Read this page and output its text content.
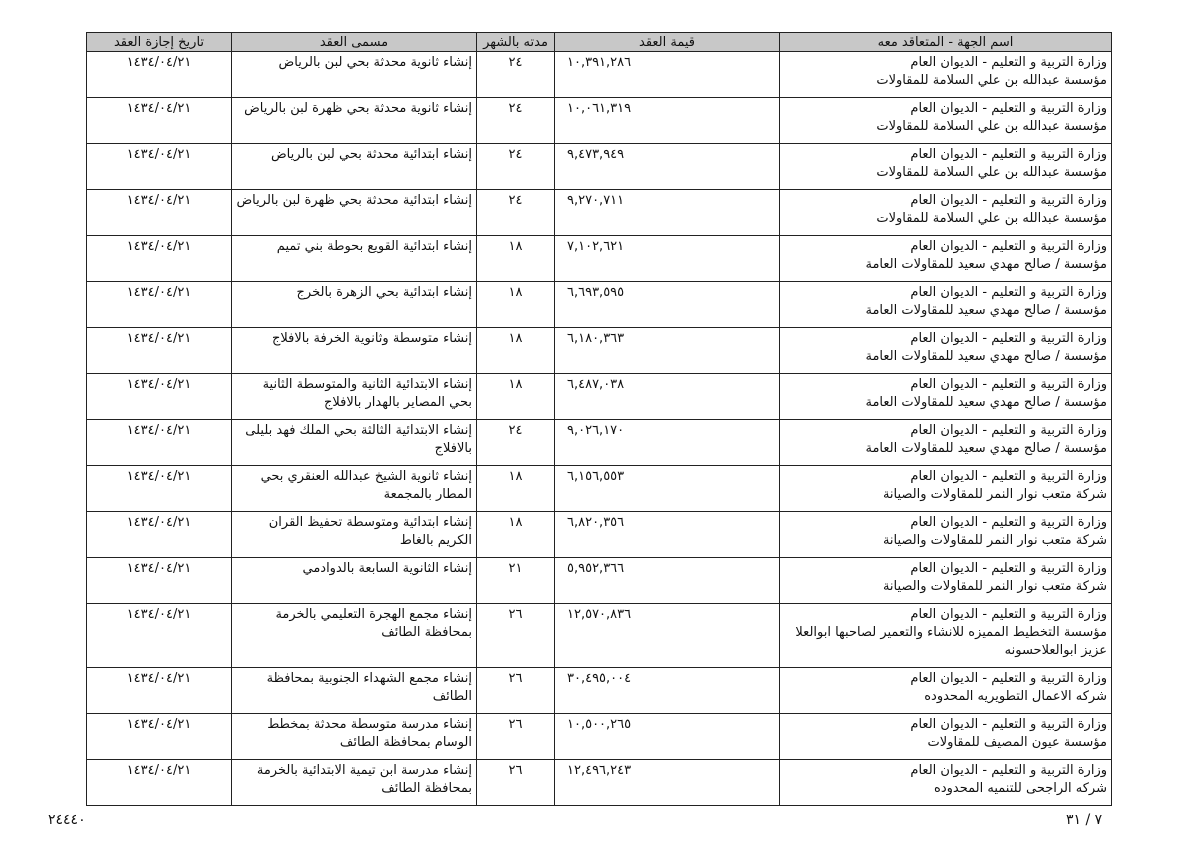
اسم الجهة - المتعاقد معه	قيمة العقد	مدته بالشهر	مسمى العقد	تاريخ إجازة العقد

وزارة التربية و التعليم - الديوان العام
مؤسسة عبدالله بن علي السلامة للمقاولات	١٠,٣٩١,٢٨٦	٢٤	إنشاء ثانوية محدثة بحي لبن بالرياض	١٤٣٤/٠٤/٢١

وزارة التربية و التعليم - الديوان العام
مؤسسة عبدالله بن علي السلامة للمقاولات	١٠,٠٦١,٣١٩	٢٤	إنشاء ثانوية محدثة بحي ظهرة لبن بالرياض	١٤٣٤/٠٤/٢١

وزارة التربية و التعليم - الديوان العام
مؤسسة عبدالله بن علي السلامة للمقاولات	٩,٤٧٣,٩٤٩	٢٤	إنشاء ابتدائية محدثة بحي لبن بالرياض	١٤٣٤/٠٤/٢١

وزارة التربية و التعليم - الديوان العام
مؤسسة عبدالله بن علي السلامة للمقاولات	٩,٢٧٠,٧١١	٢٤	إنشاء ابتدائية محدثة بحي ظهرة لبن بالرياض	١٤٣٤/٠٤/٢١

وزارة التربية و التعليم - الديوان العام
مؤسسة / صالح مهدي سعيد للمقاولات العامة	٧,١٠٢,٦٢١	١٨	إنشاء ابتدائية القويع بحوطة بني تميم	١٤٣٤/٠٤/٢١

وزارة التربية و التعليم - الديوان العام
مؤسسة / صالح مهدي سعيد للمقاولات العامة	٦,٦٩٣,٥٩٥	١٨	إنشاء ابتدائية بحي الزهرة بالخرج	١٤٣٤/٠٤/٢١

وزارة التربية و التعليم - الديوان العام
مؤسسة / صالح مهدي سعيد للمقاولات العامة	٦,١٨٠,٣٦٣	١٨	إنشاء متوسطة وثانوية الخرفة بالافلاج	١٤٣٤/٠٤/٢١

وزارة التربية و التعليم - الديوان العام
مؤسسة / صالح مهدي سعيد للمقاولات العامة	٦,٤٨٧,٠٣٨	١٨	إنشاء الابتدائية الثانية والمتوسطة الثانية بحي المصاير بالهدار بالافلاج	١٤٣٤/٠٤/٢١

وزارة التربية و التعليم - الديوان العام
مؤسسة / صالح مهدي سعيد للمقاولات العامة	٩,٠٢٦,١٧٠	٢٤	إنشاء الابتدائية الثالثة بحي الملك فهد بليلى بالافلاج	١٤٣٤/٠٤/٢١

وزارة التربية و التعليم - الديوان العام
شركة متعب نوار النمر للمقاولات والصيانة	٦,١٥٦,٥٥٣	١٨	إنشاء ثانوية الشيخ عبدالله العنقري بحي المطار بالمجمعة	١٤٣٤/٠٤/٢١

وزارة التربية و التعليم - الديوان العام
شركة متعب نوار النمر للمقاولات والصيانة	٦,٨٢٠,٣٥٦	١٨	إنشاء ابتدائية ومتوسطة تحفيظ القران الكريم بالغاط	١٤٣٤/٠٤/٢١

وزارة التربية و التعليم - الديوان العام
شركة متعب نوار النمر للمقاولات والصيانة	٥,٩٥٢,٣٦٦	٢١	إنشاء الثانوية السابعة بالدوادمي	١٤٣٤/٠٤/٢١

وزارة التربية و التعليم - الديوان العام
مؤسسة التخطيط المميزه للانشاء والتعمير لصاحبها ابوالعلا عزيز ابوالعلاحسونه	١٢,٥٧٠,٨٣٦	٢٦	إنشاء مجمع الهجرة التعليمي بالخرمة بمحافظة الطائف	١٤٣٤/٠٤/٢١

وزارة التربية و التعليم - الديوان العام
شركه الاعمال التطويريه المحدوده	٣٠,٤٩٥,٠٠٤	٢٦	إنشاء مجمع الشهداء الجنوبية بمحافظة الطائف	١٤٣٤/٠٤/٢١

وزارة التربية و التعليم - الديوان العام
مؤسسة عيون المصيف للمقاولات	١٠,٥٠٠,٢٦٥	٢٦	إنشاء مدرسة متوسطة محدثة بمخطط الوسام بمحافظة الطائف	١٤٣٤/٠٤/٢١

وزارة التربية و التعليم - الديوان العام
شركه الراجحى للتنميه المحدوده	١٢,٤٩٦,٢٤٣	٢٦	إنشاء مدرسة ابن تيمية الابتدائية بالخرمة بمحافظة الطائف	١٤٣٤/٠٤/٢١
٢٤٤٤٠	٧ / ٣١
